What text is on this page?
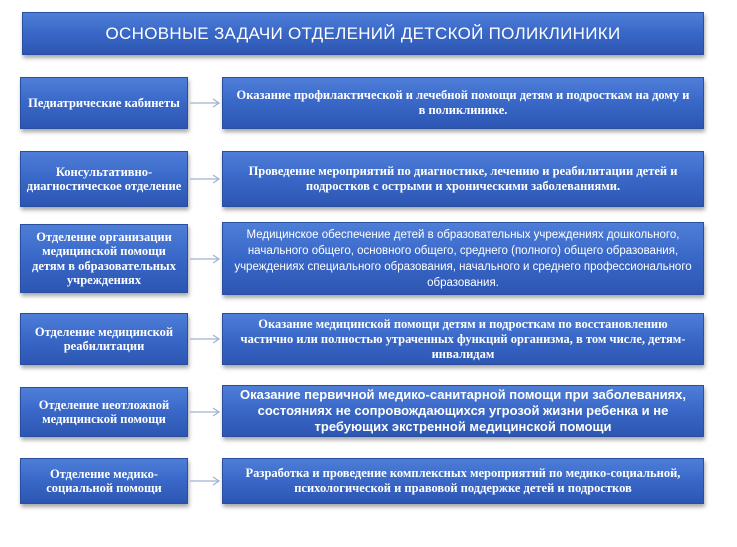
ОСНОВНЫЕ ЗАДАЧИ ОТДЕЛЕНИЙ ДЕТСКОЙ ПОЛИКЛИНИКИ
Педиатрические кабинеты
Оказание профилактической и лечебной помощи детям и подросткам на дому и в поликлинике.
Консультативно-диагностическое отделение
Проведение мероприятий по диагностике, лечению и реабилитации детей и подростков с острыми и хроническими заболеваниями.
Отделение организации медицинской помощи детям в образовательных учреждениях
Медицинское обеспечение детей в образовательных учреждениях дошкольного, начального общего, основного общего, среднего (полного) общего образования, учреждениях специального образования, начального и среднего профессионального образования.
Отделение медицинской реабилитации
Оказание медицинской помощи детям и подросткам по восстановлению частично или полностью утраченных функций организма, в том числе, детям- инвалидам
Отделение неотложной медицинской помощи
Оказание первичной медико-санитарной помощи при заболеваниях, состояниях не сопровождающихся угрозой жизни ребенка и не требующих экстренной медицинской помощи
Отделение медико-социальной помощи
Разработка и проведение комплексных мероприятий по медико-социальной, психологической и правовой поддержке детей и подростков
